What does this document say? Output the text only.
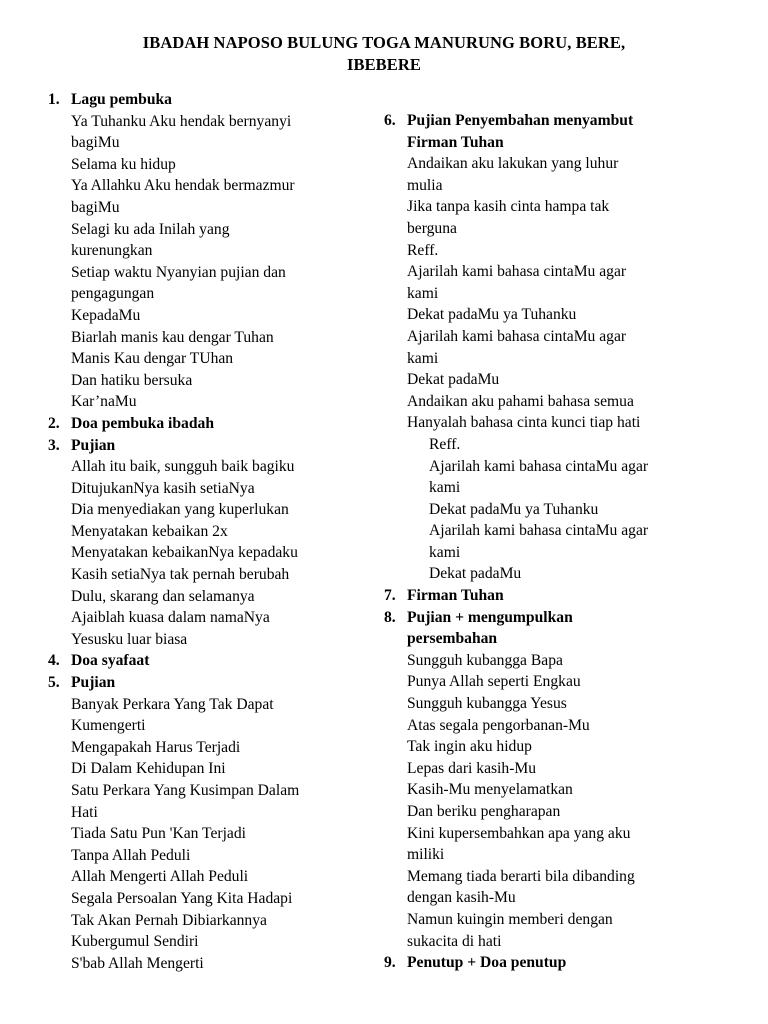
IBADAH NAPOSO BULUNG TOGA MANURUNG BORU, BERE,
IBEBERE
1. Lagu pembuka
Ya Tuhanku Aku hendak bernyanyi
bagiMu
Selama ku hidup
Ya Allahku Aku hendak bermazmur
bagiMu
Selagi ku ada Inilah yang
kurenungkan
Setiap waktu Nyanyian pujian dan
pengagungan
KepadaMu
Biarlah manis kau dengar Tuhan
Manis Kau dengar TUhan
Dan hatiku bersuka
Kar’naMu
2. Doa pembuka ibadah
3. Pujian
Allah itu baik, sungguh baik bagiku
DitujukanNya kasih setiaNya
Dia menyediakan yang kuperlukan
Menyatakan kebaikan 2x
Menyatakan kebaikanNya kepadaku
Kasih setiaNya tak pernah berubah
Dulu, skarang dan selamanya
Ajaiblah kuasa dalam namaNya
Yesusku luar biasa
4. Doa syafaat
5. Pujian
Banyak Perkara Yang Tak Dapat
Kumengerti
Mengapakah Harus Terjadi
Di Dalam Kehidupan Ini
Satu Perkara Yang Kusimpan Dalam
Hati
Tiada Satu Pun 'Kan Terjadi
Tanpa Allah Peduli
Allah Mengerti Allah Peduli
Segala Persoalan Yang Kita Hadapi
Tak Akan Pernah Dibiarkannya
Kubergumul Sendiri
S'bab Allah Mengerti
6. Pujian Penyembahan menyambut
Firman Tuhan
Andaikan aku lakukan yang luhur
mulia
Jika tanpa kasih cinta hampa tak
berguna
Reff.
Ajarilah kami bahasa cintaMu agar
kami
Dekat padaMu ya Tuhanku
Ajarilah kami bahasa cintaMu agar
kami
Dekat padaMu
Andaikan aku pahami bahasa semua
Hanyalah bahasa cinta kunci tiap hati
Reff.
Ajarilah kami bahasa cintaMu agar
kami
Dekat padaMu ya Tuhanku
Ajarilah kami bahasa cintaMu agar
kami
Dekat padaMu
7. Firman Tuhan
8. Pujian + mengumpulkan
persembahan
Sungguh kubangga Bapa
Punya Allah seperti Engkau
Sungguh kubangga Yesus
Atas segala pengorbanan-Mu
Tak ingin aku hidup
Lepas dari kasih-Mu
Kasih-Mu menyelamatkan
Dan beriku pengharapan
Kini kupersembahkan apa yang aku
miliki
Memang tiada berarti bila dibanding
dengan kasih-Mu
Namun kuingin memberi dengan
sukacita di hati
9. Penutup + Doa penutup
